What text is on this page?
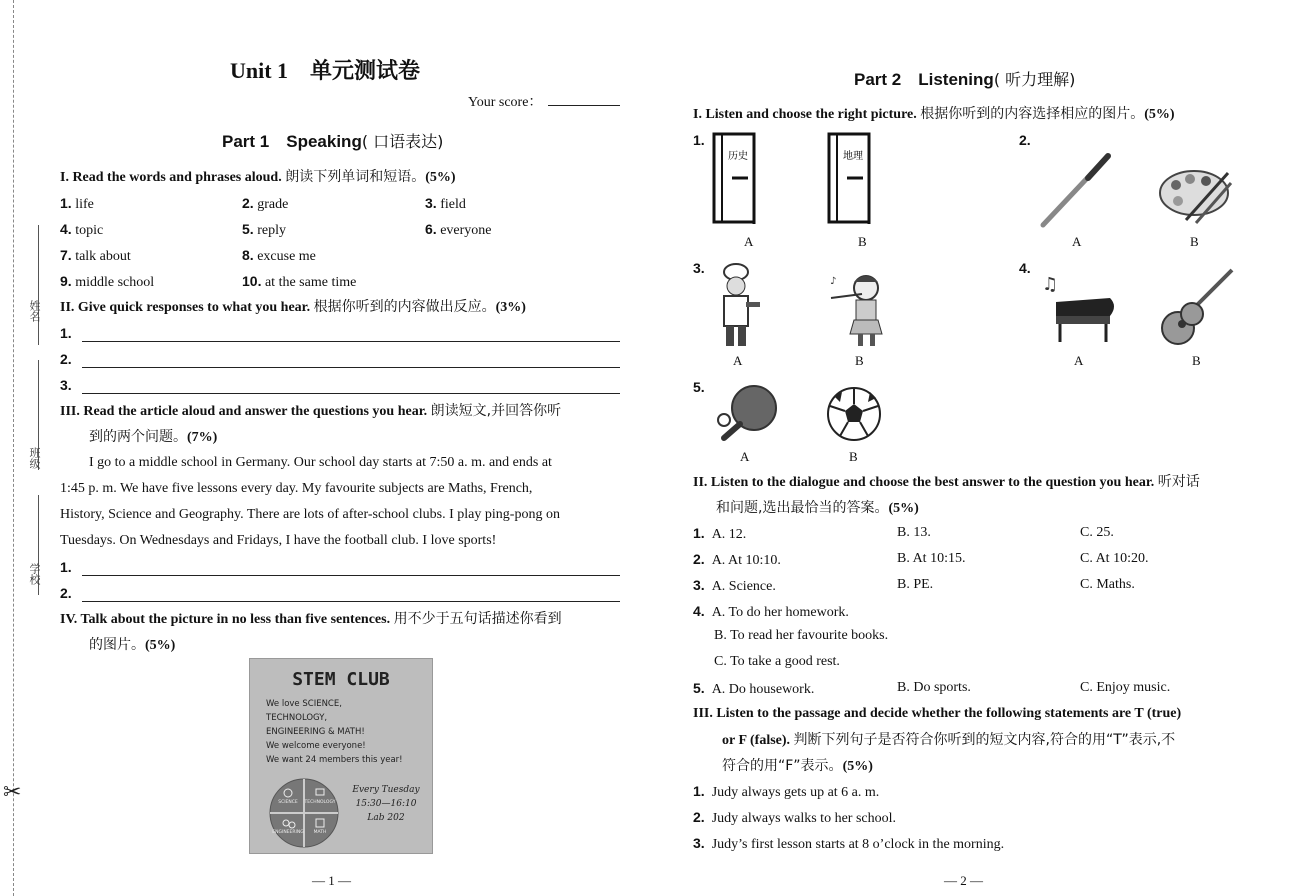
✂
姓名
班级
学校
Unit 1　单元测试卷
Your score：
Part 1　Speaking( 口语表达)
I. Read the words and phrases aloud. 朗读下列单词和短语。(5%)
1. life	2. grade	3. field
4. topic	5. reply	6. everyone
7. talk about	8. excuse me
9. middle school	10. at the same time
II. Give quick responses to what you hear. 根据你听到的内容做出反应。(3%)
1.
2.
3.
III. Read the article aloud and answer the questions you hear. 朗读短文,并回答你听
到的两个问题。(7%)
I go to a middle school in Germany. Our school day starts at 7:50 a. m. and ends at
1:45 p. m. We have five lessons every day. My favourite subjects are Maths, French,
History, Science and Geography. There are lots of after-school clubs. I play ping-pong on
Tuesdays. On Wednesdays and Fridays, I have the football club. I love sports!
1.
2.
IV. Talk about the picture in no less than five sentences. 用不少于五句话描述你看到
的图片。(5%)
STEM CLUB
We love SCIENCE,
TECHNOLOGY,
ENGINEERING & MATH!
We welcome everyone!
We want 24 members this year!
SCIENCE TECHNOLOGY
ENGINEERING MATH
Every Tuesday
15:30—16:10
Lab 202
— 1 —
Part 2　Listening( 听力理解)
I. Listen and choose the right picture. 根据你听到的内容选择相应的图片。(5%)
1.
历史	地理
A	B
2.
A	B
3.
♪
A	B
4.
♫
A	B
5.
A	B
II. Listen to the dialogue and choose the best answer to the question you hear. 听对话
和问题,选出最恰当的答案。(5%)
1. A. 12.	B. 13.	C. 25.
2. A. At 10:10.	B. At 10:15.	C. At 10:20.
3. A. Science.	B. PE.	C. Maths.
4. A. To do her homework.
B. To read her favourite books.
C. To take a good rest.
5. A. Do housework.	B. Do sports.	C. Enjoy music.
III. Listen to the passage and decide whether the following statements are T (true)
or F (false). 判断下列句子是否符合你听到的短文内容,符合的用“T”表示,不
符合的用“F”表示。(5%)
1. Judy always gets up at 6 a. m.
2. Judy always walks to her school.
3. Judy’s first lesson starts at 8 o’clock in the morning.
— 2 —
